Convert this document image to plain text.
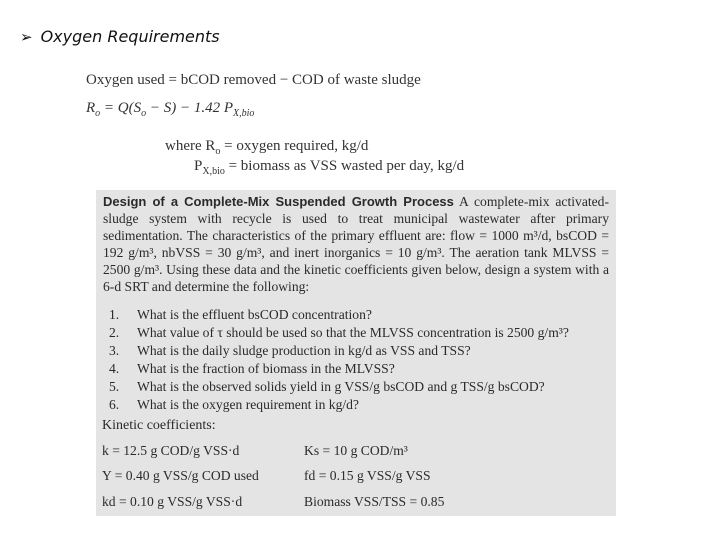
➢ Oxygen Requirements
Oxygen used = bCOD removed − COD of waste sludge
$R_o = Q(S_o - S) - 1.42$ $P_{X,bio}$
where $R_o$ = oxygen required, kg/d
$P_{X,bio}$ = biomass as VSS wasted per day, kg/d
Design of a Complete-Mix Suspended Growth Process A complete-mix activated-sludge system with recycle is used to treat municipal wastewater after primary sedimentation. The characteristics of the primary effluent are: flow = 1000 m³/d, bsCOD = 192 g/m³, nbVSS = 30 g/m³, and inert inorganics = 10 g/m³. The aeration tank MLVSS = 2500 g/m³. Using these data and the kinetic coefficients given below, design a system with a 6-d SRT and determine the following:
1.	What is the effluent bsCOD concentration?
2.	What value of τ should be used so that the MLVSS concentration is 2500 g/m³?
3.	What is the daily sludge production in kg/d as VSS and TSS?
4.	What is the fraction of biomass in the MLVSS?
5.	What is the observed solids yield in g VSS/g bsCOD and g TSS/g bsCOD?
6.	What is the oxygen requirement in kg/d?
Kinetic coefficients:
k = 12.5 g COD/g VSS·d	Ks = 10 g COD/m³
Y = 0.40 g VSS/g COD used	fd = 0.15 g VSS/g VSS
kd = 0.10 g VSS/g VSS·d	Biomass VSS/TSS = 0.85
